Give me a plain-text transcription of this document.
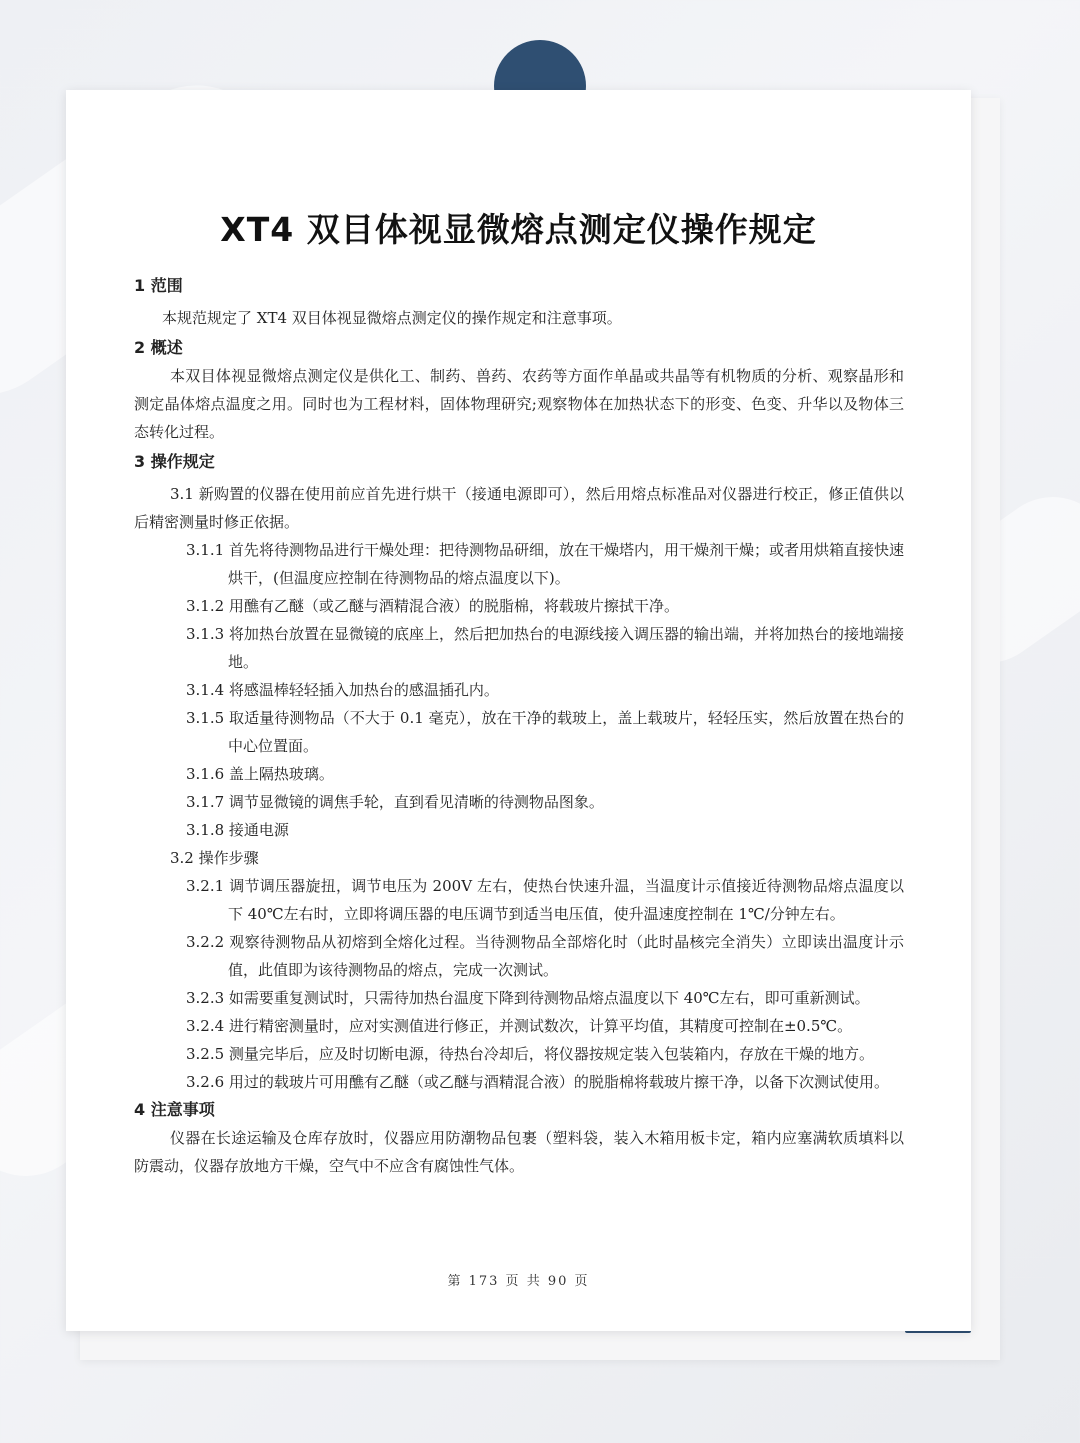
XT4 双目体视显微熔点测定仪操作规定

1 范围

本规范规定了 XT4 双目体视显微熔点测定仪的操作规定和注意事项。

2 概述

本双目体视显微熔点测定仪是供化工、制药、兽药、农药等方面作单晶或共晶等有机物质的分析、观察晶形和测定晶体熔点温度之用。同时也为工程材料，固体物理研究;观察物体在加热状态下的形变、色变、升华以及物体三态转化过程。

3 操作规定

3.1 新购置的仪器在使用前应首先进行烘干（接通电源即可），然后用熔点标准品对仪器进行校正，修正值供以后精密测量时修正依据。

3.1.1 首先将待测物品进行干燥处理：把待测物品研细，放在干燥塔内，用干燥剂干燥；或者用烘箱直接快速烘干，(但温度应控制在待测物品的熔点温度以下)。

3.1.2 用醮有乙醚（或乙醚与酒精混合液）的脱脂棉，将载玻片擦拭干净。

3.1.3 将加热台放置在显微镜的底座上，然后把加热台的电源线接入调压器的输出端，并将加热台的接地端接地。

3.1.4 将感温棒轻轻插入加热台的感温插孔内。

3.1.5 取适量待测物品（不大于 0.1 毫克），放在干净的载玻上，盖上载玻片，轻轻压实，然后放置在热台的中心位置面。

3.1.6 盖上隔热玻璃。

3.1.7 调节显微镜的调焦手轮，直到看见清晰的待测物品图象。

3.1.8 接通电源

3.2 操作步骤

3.2.1 调节调压器旋扭，调节电压为 200V 左右，使热台快速升温，当温度计示值接近待测物品熔点温度以下 40℃左右时，立即将调压器的电压调节到适当电压值，使升温速度控制在 1℃/分钟左右。

3.2.2 观察待测物品从初熔到全熔化过程。当待测物品全部熔化时（此时晶核完全消失）立即读出温度计示值，此值即为该待测物品的熔点，完成一次测试。

3.2.3 如需要重复测试时，只需待加热台温度下降到待测物品熔点温度以下 40℃左右，即可重新测试。

3.2.4 进行精密测量时，应对实测值进行修正，并测试数次，计算平均值，其精度可控制在±0.5℃。

3.2.5 测量完毕后，应及时切断电源，待热台冷却后，将仪器按规定装入包装箱内，存放在干燥的地方。

3.2.6 用过的载玻片可用醮有乙醚（或乙醚与酒精混合液）的脱脂棉将载玻片擦干净，以备下次测试使用。

4 注意事项

仪器在长途运输及仓库存放时，仪器应用防潮物品包裹（塑料袋，装入木箱用板卡定，箱内应塞满软质填料以防震动，仪器存放地方干燥，空气中不应含有腐蚀性气体。

第 173 页 共 90 页
